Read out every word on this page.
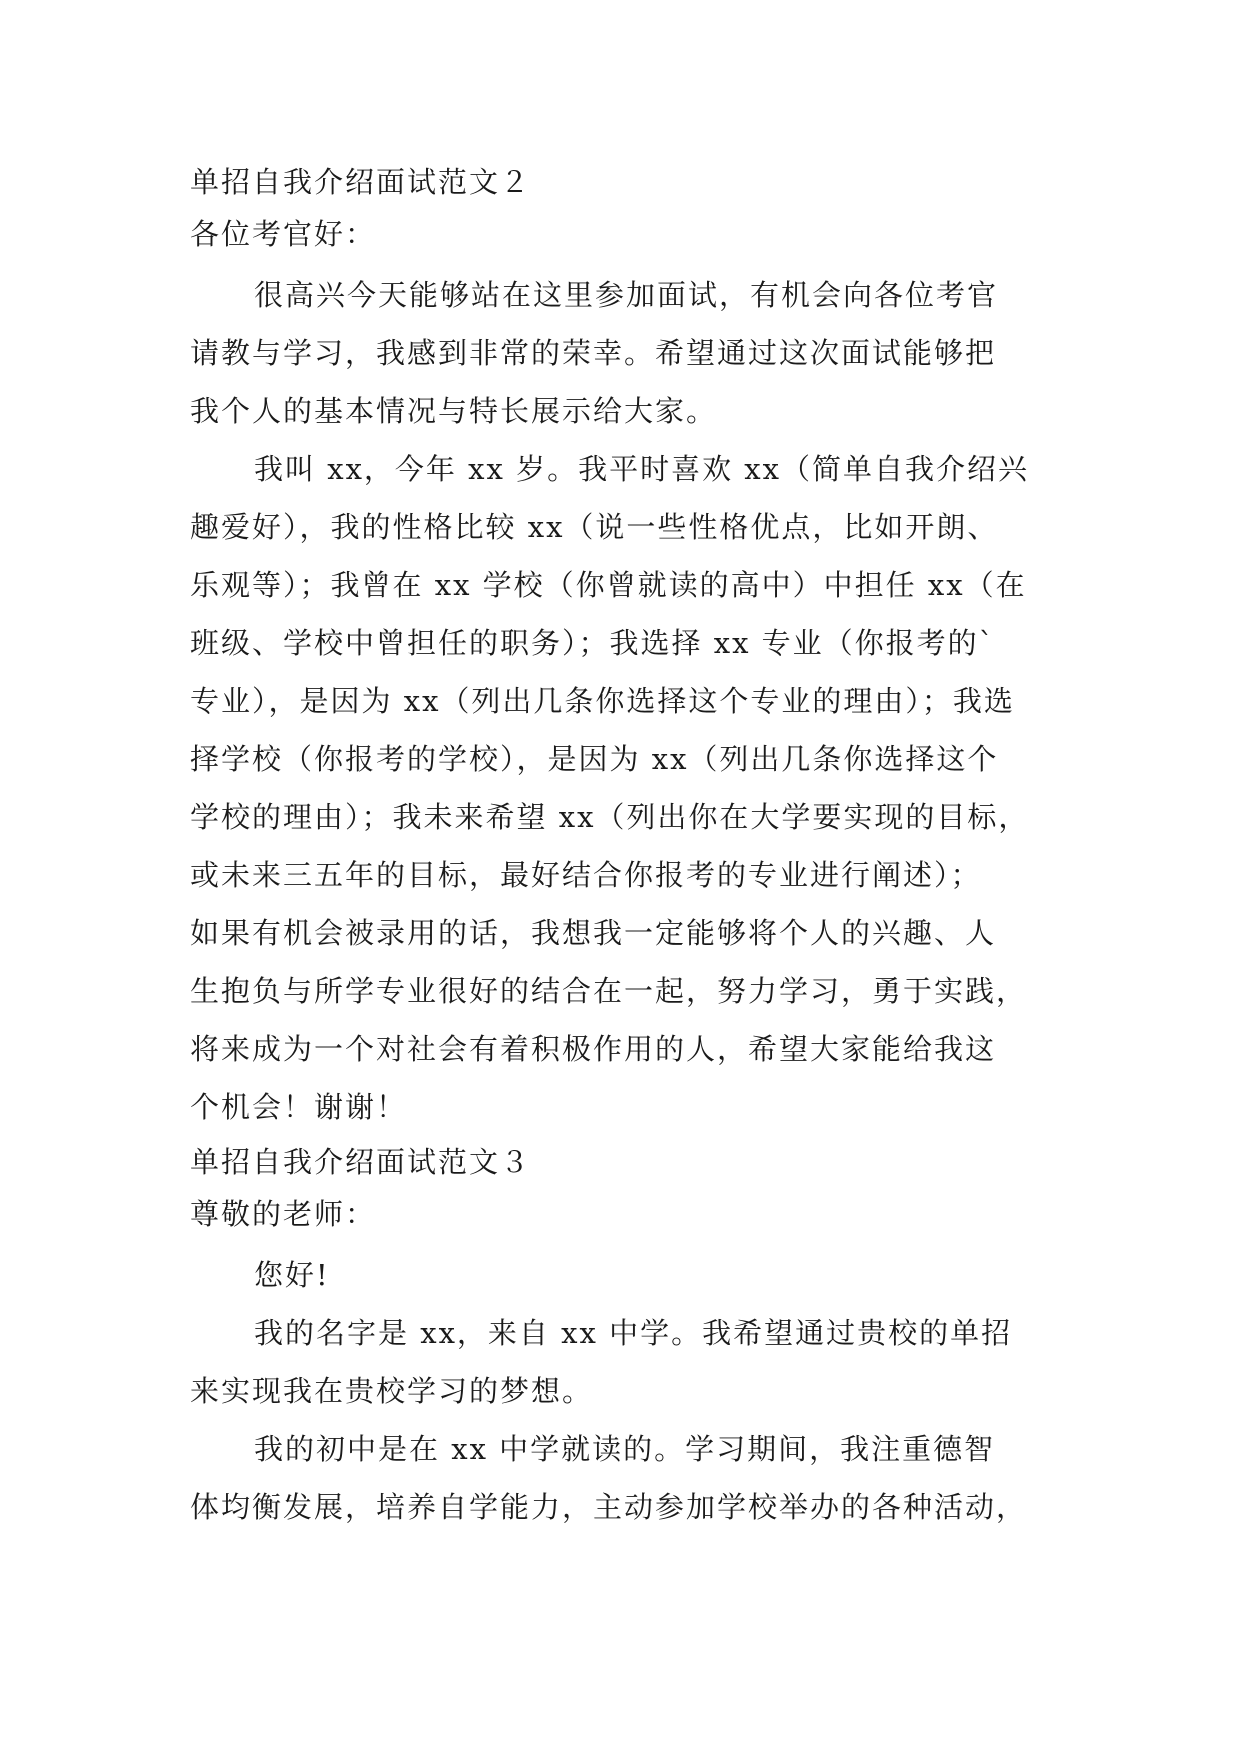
单招自我介绍面试范文２
各位考官好：
很高兴今天能够站在这里参加面试，有机会向各位考官
请教与学习，我感到非常的荣幸。希望通过这次面试能够把
我个人的基本情况与特长展示给大家。
我叫 xx，今年 xx 岁。我平时喜欢 xx（简单自我介绍兴
趣爱好），我的性格比较 xx（说一些性格优点，比如开朗、
乐观等）；我曾在 xx 学校（你曾就读的高中）中担任 xx（在
班级、学校中曾担任的职务）；我选择 xx 专业（你报考的`
专业），是因为 xx（列出几条你选择这个专业的理由）；我选
择学校（你报考的学校），是因为 xx（列出几条你选择这个
学校的理由）；我未来希望 xx（列出你在大学要实现的目标，
或未来三五年的目标，最好结合你报考的专业进行阐述）；
如果有机会被录用的话，我想我一定能够将个人的兴趣、人
生抱负与所学专业很好的结合在一起，努力学习，勇于实践，
将来成为一个对社会有着积极作用的人，希望大家能给我这
个机会！谢谢！
单招自我介绍面试范文３
尊敬的老师：
您好!
我的名字是 xx，来自 xx 中学。我希望通过贵校的单招
来实现我在贵校学习的梦想。
我的初中是在 xx 中学就读的。学习期间，我注重德智
体均衡发展，培养自学能力，主动参加学校举办的各种活动，
